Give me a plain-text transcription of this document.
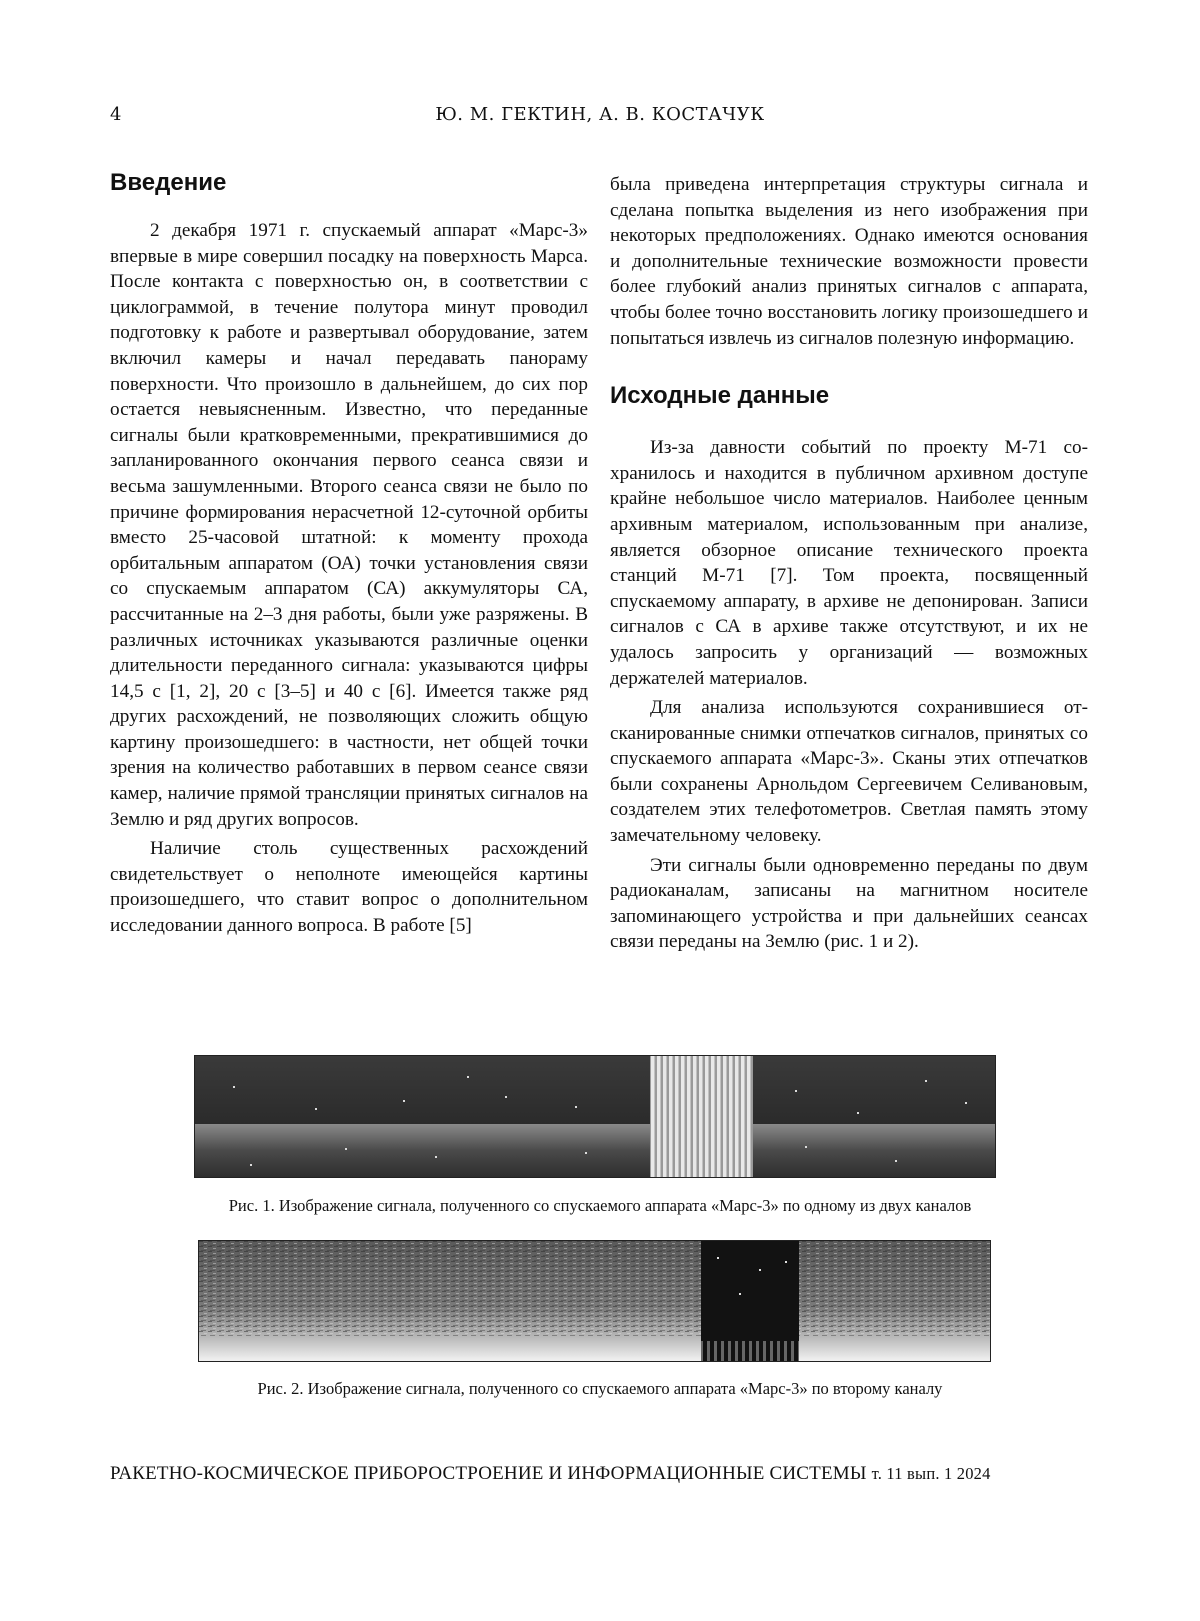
4	Ю. М. ГЕКТИН, А. В. КОСТАЧУК
Введение

2 декабря 1971 г. спускаемый аппарат «Марс-3» впервые в мире совершил посадку на поверхность Марса. После контакта с поверхностью он, в соответствии с циклограммой, в течение полутора минут проводил подготовку к работе и развертывал оборудование, затем включил камеры и начал передавать панораму поверхности. Что произошло в дальнейшем, до сих пор остается невыясненным. Известно, что переданные сигналы были кратковременными, прекратившимися до запланированного окончания первого сеанса связи и весьма зашумленными. Второго сеанса связи не было по причине формирования нерасчетной 12-суточной орбиты вместо 25-часовой штатной: к моменту прохода орбитальным аппаратом (ОА) точки установления связи со спускаемым аппаратом (СА) аккумуляторы СА, рассчитанные на 2–3 дня работы, были уже разряжены. В различных источниках указываются различные оценки длительности переданного сигнала: указываются цифры 14,5 с [1, 2], 20 с [3–5] и 40 с [6]. Имеется также ряд других расхождений, не позволяющих сложить общую картину произошедшего: в частности, нет общей точки зрения на количество работавших в первом сеансе связи камер, наличие прямой трансляции принятых сигналов на Землю и ряд других вопросов.

Наличие столь существенных расхождений свидетельствует о неполноте имеющейся картины произошедшего, что ставит вопрос о дополнительном исследовании данного вопроса. В работе [5]

была приведена интерпретация структуры сигнала и сделана попытка выделения из него изображения при некоторых предположениях. Однако имеются основания и дополнительные технические возможности провести более глубокий анализ принятых сигналов с аппарата, чтобы более точно восстановить логику произошедшего и попытаться извлечь из сигналов полезную информацию.

Исходные данные

Из-за давности событий по проекту М-71 сохранилось и находится в публичном архивном доступе крайне небольшое число материалов. Наиболее ценным архивным материалом, использованным при анализе, является обзорное описание технического проекта станций М-71 [7]. Том проекта, посвященный спускаемому аппарату, в архиве не депонирован. Записи сигналов с СА в архиве также отсутствуют, и их не удалось запросить у организаций — возможных держателей материалов.

Для анализа используются сохранившиеся отсканированные снимки отпечатков сигналов, принятых со спускаемого аппарата «Марс-3». Сканы этих отпечатков были сохранены Арнольдом Сергеевичем Селивановым, создателем этих телефотометров. Светлая память этому замечательному человеку.

Эти сигналы были одновременно переданы по двум радиоканалам, записаны на магнитном носителе запоминающего устройства и при дальнейших сеансах связи переданы на Землю (рис. 1 и 2).

Рис. 1. Изображение сигнала, полученного со спускаемого аппарата «Марс-3» по одному из двух каналов
Рис. 2. Изображение сигнала, полученного со спускаемого аппарата «Марс-3» по второму каналу
РАКЕТНО-КОСМИЧЕСКОЕ ПРИБОРОСТРОЕНИЕ И ИНФОРМАЦИОННЫЕ СИСТЕМЫ т. 11 вып. 1 2024
